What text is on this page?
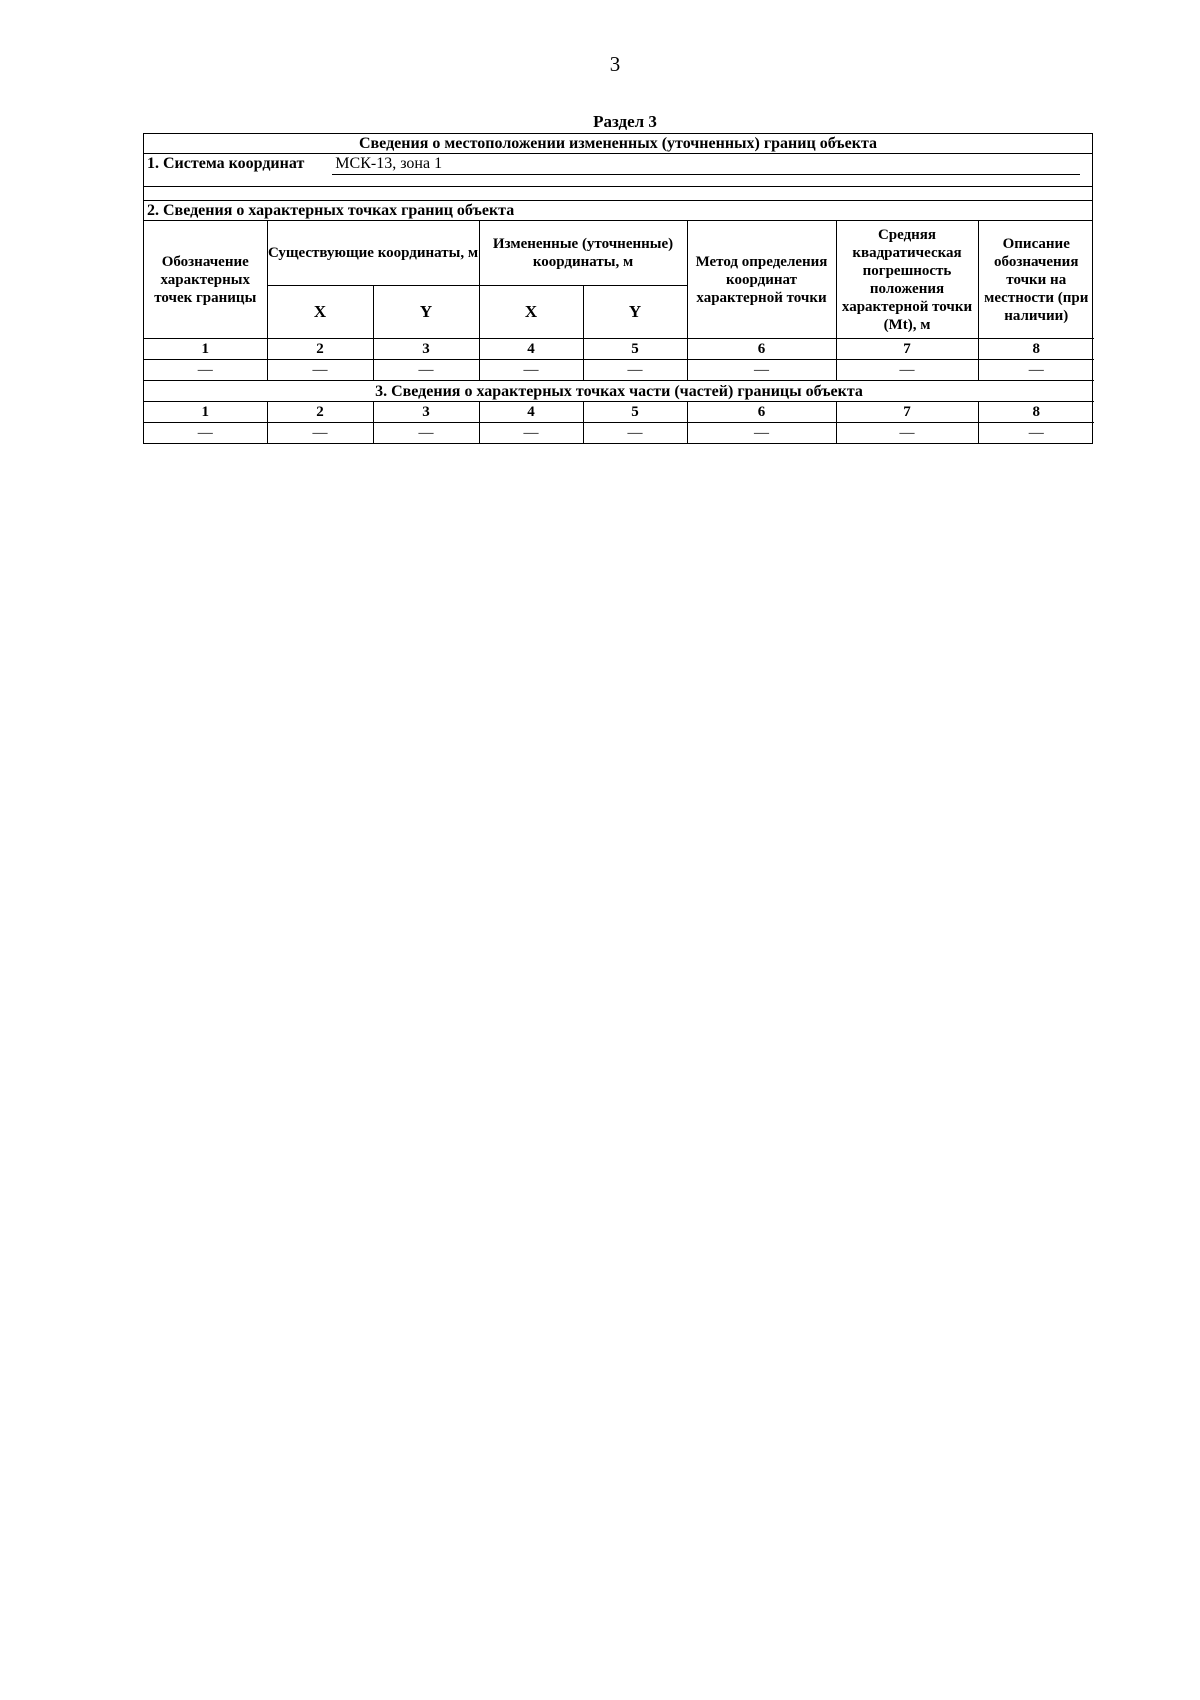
3
Раздел 3
Сведения о местоположении измененных (уточненных) границ объекта
1. Система координат МСК-13, зона 1
2. Сведения о характерных точках границ объекта
Обозначение характерных точек границы	Существующие координаты, м		Измененные (уточненные) координаты, м		Метод определения координат характерной точки	Средняя квадратическая погрешность положения характерной точки (Mt), м	Описание обозначения точки на местности (при наличии)
	X	Y	X	Y			
1	2	3	4	5	6	7	8
—	—	—	—	—	—	—	—
3. Сведения о характерных точках части (частей) границы объекта							
1	2	3	4	5	6	7	8
—	—	—	—	—	—	—	—
